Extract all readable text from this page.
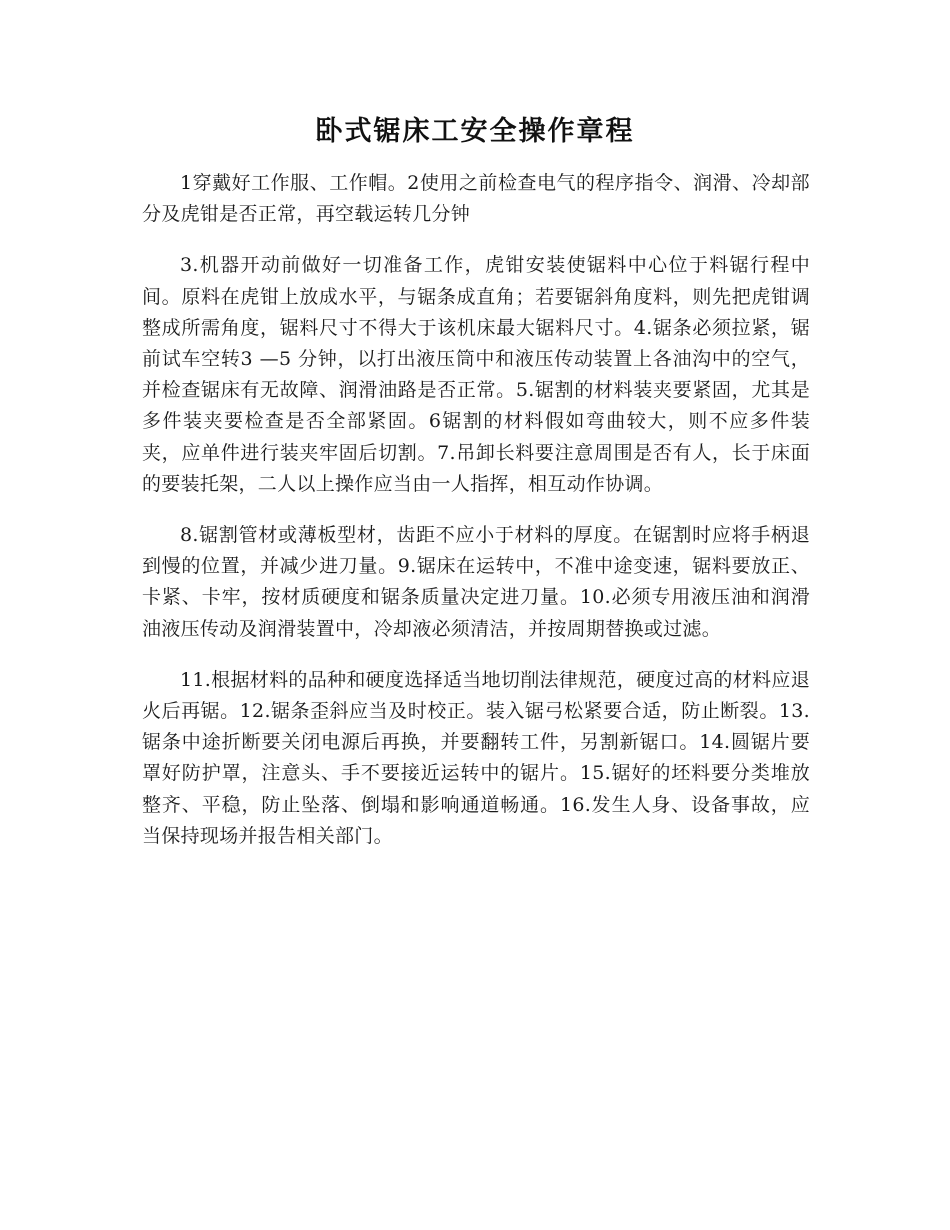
卧式锯床工安全操作章程

1穿戴好工作服、工作帽。2使用之前检查电气的程序指令、润滑、冷却部分及虎钳是否正常，再空载运转几分钟

3.机器开动前做好一切准备工作，虎钳安装使锯料中心位于料锯行程中间。原料在虎钳上放成水平，与锯条成直角；若要锯斜角度料，则先把虎钳调整成所需角度，锯料尺寸不得大于该机床最大锯料尺寸。4.锯条必须拉紧，锯前试车空转3 —5 分钟，以打出液压筒中和液压传动装置上各油沟中的空气，并检查锯床有无故障、润滑油路是否正常。5.锯割的材料装夹要紧固，尤其是多件装夹要检查是否全部紧固。6锯割的材料假如弯曲较大，则不应多件装夹，应单件进行装夹牢固后切割。7.吊卸长料要注意周围是否有人，长于床面的要装托架，二人以上操作应当由一人指挥，相互动作协调。

8.锯割管材或薄板型材，齿距不应小于材料的厚度。在锯割时应将手柄退到慢的位置，并减少进刀量。9.锯床在运转中，不准中途变速，锯料要放正、卡紧、卡牢，按材质硬度和锯条质量决定进刀量。10.必须专用液压油和润滑油液压传动及润滑装置中，冷却液必须清洁，并按周期替换或过滤。

11.根据材料的品种和硬度选择适当地切削法律规范，硬度过高的材料应退火后再锯。12.锯条歪斜应当及时校正。装入锯弓松紧要合适，防止断裂。13.锯条中途折断要关闭电源后再换，并要翻转工件，另割新锯口。14.圆锯片要罩好防护罩，注意头、手不要接近运转中的锯片。15.锯好的坯料要分类堆放整齐、平稳，防止坠落、倒塌和影响通道畅通。16.发生人身、设备事故，应当保持现场并报告相关部门。
